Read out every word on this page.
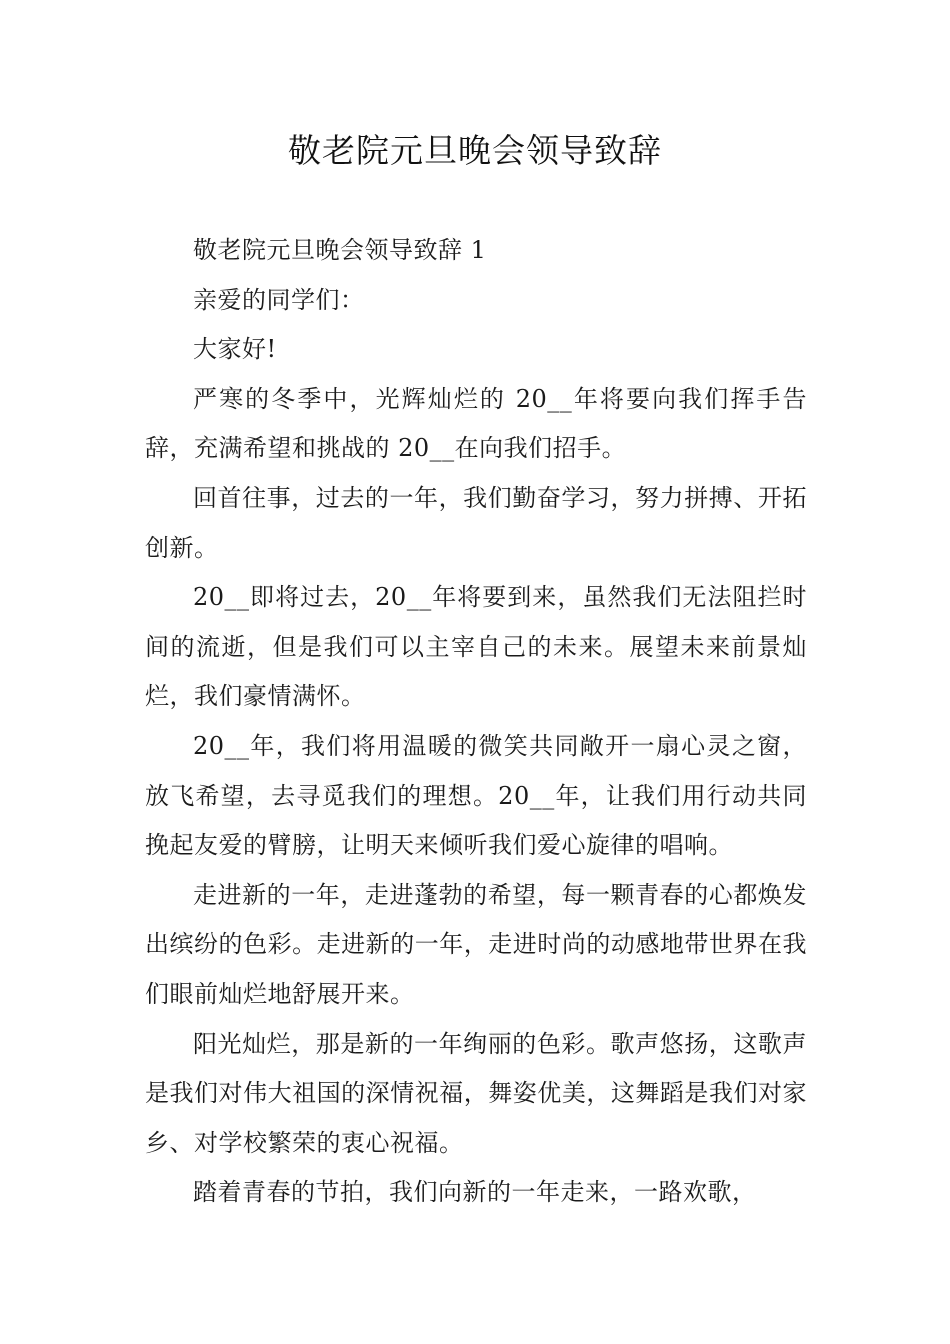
敬老院元旦晚会领导致辞

敬老院元旦晚会领导致辞 1

亲爱的同学们：

大家好!

严寒的冬季中，光辉灿烂的 20__年将要向我们挥手告辞，充满希望和挑战的 20__在向我们招手。

回首往事，过去的一年，我们勤奋学习，努力拼搏、开拓创新。

20__即将过去，20__年将要到来，虽然我们无法阻拦时间的流逝，但是我们可以主宰自己的未来。展望未来前景灿烂，我们豪情满怀。

20__年，我们将用温暖的微笑共同敞开一扇心灵之窗，放飞希望，去寻觅我们的理想。20__年，让我们用行动共同挽起友爱的臂膀，让明天来倾听我们爱心旋律的唱响。

走进新的一年，走进蓬勃的希望，每一颗青春的心都焕发出缤纷的色彩。走进新的一年，走进时尚的动感地带世界在我们眼前灿烂地舒展开来。

阳光灿烂，那是新的一年绚丽的色彩。歌声悠扬，这歌声是我们对伟大祖国的深情祝福，舞姿优美，这舞蹈是我们对家乡、对学校繁荣的衷心祝福。

踏着青春的节拍，我们向新的一年走来，一路欢歌，
